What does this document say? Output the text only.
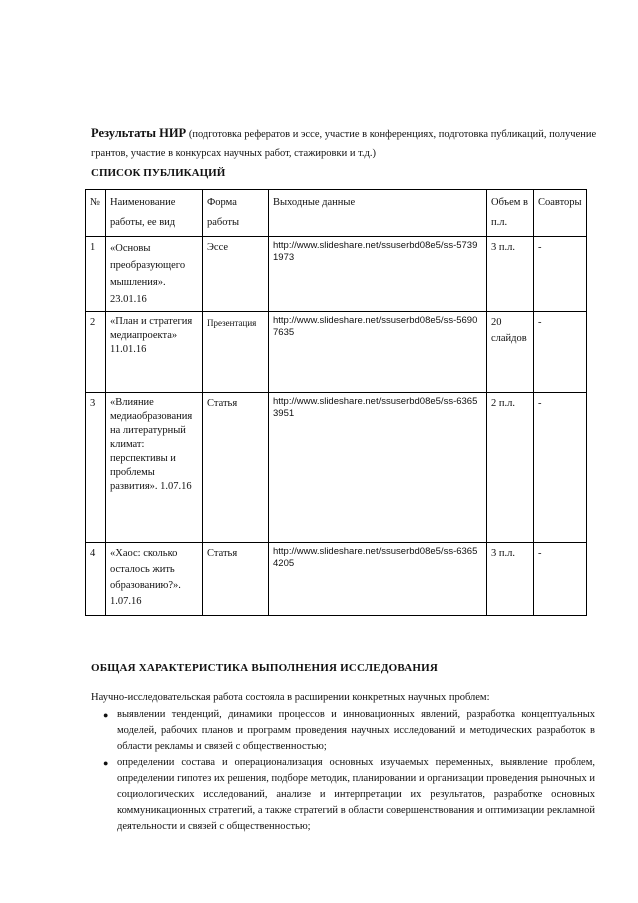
Результаты НИР (подготовка рефератов и эссе, участие в конференциях, подготовка публикаций, получение грантов, участие в конкурсах научных работ, стажировки и т.д.)
СПИСОК ПУБЛИКАЦИЙ
№	Наименование работы, ее вид	Форма работы	Выходные данные	Объем в п.л.	Соавторы
1	«Основы преобразующего мышления». 23.01.16	Эссе	http://www.slideshare.net/ssuserbd08e5/ss-57391973	3 п.л.	-
2	«План и стратегия медиапроекта» 11.01.16	Презентация	http://www.slideshare.net/ssuserbd08e5/ss-56907635	20 слайдов	-
3	«Влияние медиаобразования на литературный климат: перспективы и проблемы развития». 1.07.16	Статья	http://www.slideshare.net/ssuserbd08e5/ss-63653951	2 п.л.	-
4	«Хаос: сколько осталось жить образованию?». 1.07.16	Статья	http://www.slideshare.net/ssuserbd08e5/ss-63654205	3 п.л.	-
ОБЩАЯ ХАРАКТЕРИСТИКА ВЫПОЛНЕНИЯ ИССЛЕДОВАНИЯ
Научно-исследовательская работа состояла в расширении конкретных научных проблем:
● выявлении тенденций, динамики процессов и инновационных явлений, разработка концептуальных моделей, рабочих планов и программ проведения научных исследований и методических разработок в области рекламы и связей с общественностью;
● определении состава и операционализация основных изучаемых переменных, выявление проблем, определении гипотез их решения, подборе методик, планировании и организации проведения рыночных и социологических исследований, анализе и интерпретации их результатов, разработке основных коммуникационных стратегий, а также стратегий в области совершенствования и оптимизации рекламной деятельности и связей с общественностью;
